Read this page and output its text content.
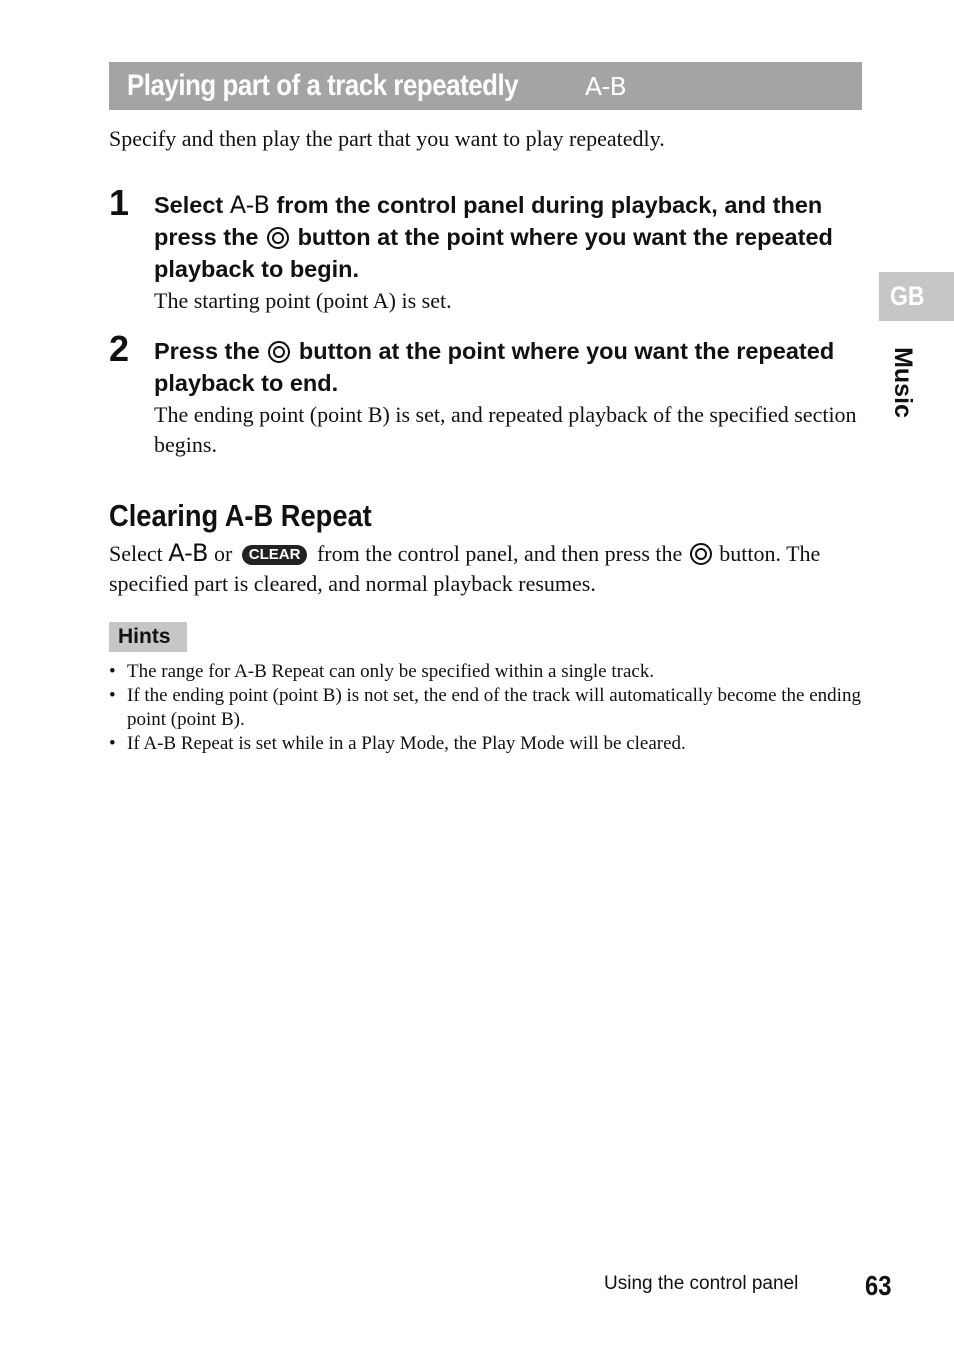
Playing part of a track repeatedly	A-B
Specify and then play the part that you want to play repeatedly.
1 Select A-B from the control panel during playback, and then press the button at the point where you want the repeated playback to begin.
The starting point (point A) is set.
2 Press the button at the point where you want the repeated playback to end.
The ending point (point B) is set, and repeated playback of the specified section begins.
Clearing A-B Repeat
Select A-B or CLEAR from the control panel, and then press the button. The specified part is cleared, and normal playback resumes.
Hints
• The range for A-B Repeat can only be specified within a single track.
• If the ending point (point B) is not set, the end of the track will automatically become the ending point (point B).
• If A-B Repeat is set while in a Play Mode, the Play Mode will be cleared.
GB
Music
Using the control panel 63
